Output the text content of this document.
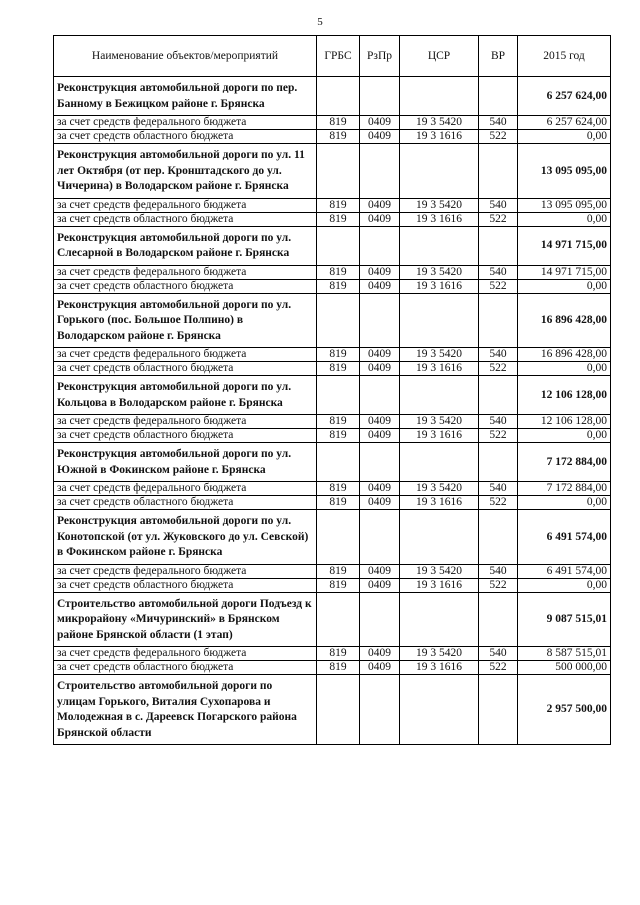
5
Наименование объектов/мероприятий	ГРБС	РзПр	ЦСР	ВР	2015 год
Реконструкция автомобильной дороги по пер. Банному в Бежицком районе г. Брянска					6 257 624,00
за счет средств федерального бюджета	819	0409	19 3 5420	540	6 257 624,00
за счет средств областного бюджета	819	0409	19 3 1616	522	0,00
Реконструкция автомобильной дороги по ул. 11 лет Октября (от пер. Кронштадского до ул. Чичерина) в Володарском районе г. Брянска					13 095 095,00
за счет средств федерального бюджета	819	0409	19 3 5420	540	13 095 095,00
за счет средств областного бюджета	819	0409	19 3 1616	522	0,00
Реконструкция автомобильной дороги по ул. Слесарной в Володарском районе г. Брянска					14 971 715,00
за счет средств федерального бюджета	819	0409	19 3 5420	540	14 971 715,00
за счет средств областного бюджета	819	0409	19 3 1616	522	0,00
Реконструкция автомобильной дороги по ул. Горького (пос. Большое Полпино) в Володарском районе г. Брянска					16 896 428,00
за счет средств федерального бюджета	819	0409	19 3 5420	540	16 896 428,00
за счет средств областного бюджета	819	0409	19 3 1616	522	0,00
Реконструкция автомобильной дороги по ул. Кольцова в Володарском районе г. Брянска					12 106 128,00
за счет средств федерального бюджета	819	0409	19 3 5420	540	12 106 128,00
за счет средств областного бюджета	819	0409	19 3 1616	522	0,00
Реконструкция автомобильной дороги по ул. Южной в Фокинском районе г. Брянска					7 172 884,00
за счет средств федерального бюджета	819	0409	19 3 5420	540	7 172 884,00
за счет средств областного бюджета	819	0409	19 3 1616	522	0,00
Реконструкция автомобильной дороги по ул. Конотопской (от ул. Жуковского до ул. Севской) в Фокинском районе г. Брянска					6 491 574,00
за счет средств федерального бюджета	819	0409	19 3 5420	540	6 491 574,00
за счет средств областного бюджета	819	0409	19 3 1616	522	0,00
Строительство автомобильной дороги Подъезд к микрорайону «Мичуринский» в Брянском районе Брянской области (1 этап)					9 087 515,01
за счет средств федерального бюджета	819	0409	19 3 5420	540	8 587 515,01
за счет средств областного бюджета	819	0409	19 3 1616	522	500 000,00
Строительство автомобильной дороги по улицам Горького, Виталия Сухопарова и Молодежная в с. Дареевск Погарского района Брянской области					2 957 500,00
